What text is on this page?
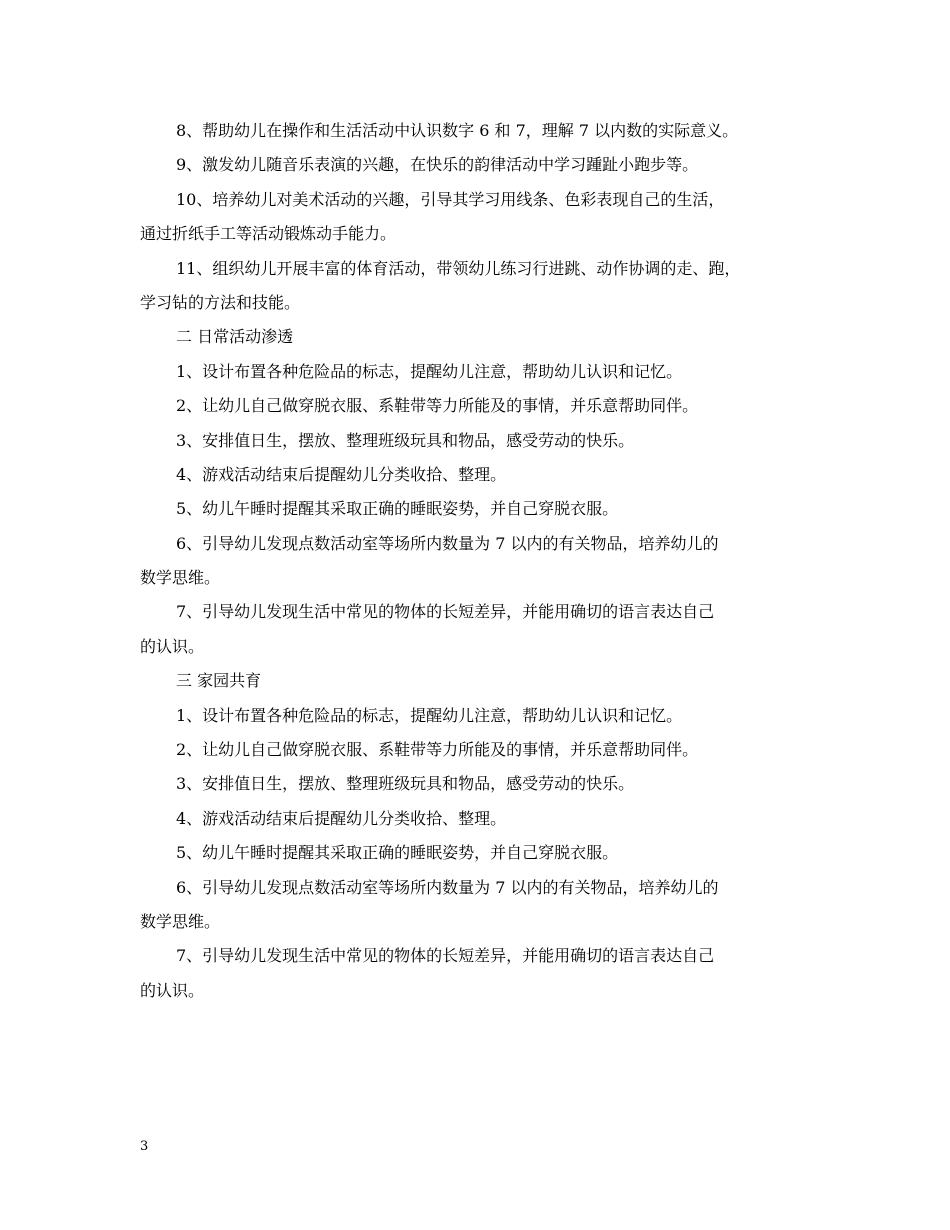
8、帮助幼儿在操作和生活活动中认识数字 6 和 7，理解 7 以内数的实际意义。

9、激发幼儿随音乐表演的兴趣，在快乐的韵律活动中学习踵趾小跑步等。

10、培养幼儿对美术活动的兴趣，引导其学习用线条、色彩表现自己的生活，
通过折纸手工等活动锻炼动手能力。

11、组织幼儿开展丰富的体育活动，带领幼儿练习行进跳、动作协调的走、跑，
学习钻的方法和技能。

二 日常活动渗透

1、设计布置各种危险品的标志，提醒幼儿注意，帮助幼儿认识和记忆。

2、让幼儿自己做穿脱衣服、系鞋带等力所能及的事情，并乐意帮助同伴。

3、安排值日生，摆放、整理班级玩具和物品，感受劳动的快乐。

4、游戏活动结束后提醒幼儿分类收拾、整理。

5、幼儿午睡时提醒其采取正确的睡眠姿势，并自己穿脱衣服。

6、引导幼儿发现点数活动室等场所内数量为 7 以内的有关物品，培养幼儿的
数学思维。

7、引导幼儿发现生活中常见的物体的长短差异，并能用确切的语言表达自己
的认识。

三 家园共育

1、设计布置各种危险品的标志，提醒幼儿注意，帮助幼儿认识和记忆。

2、让幼儿自己做穿脱衣服、系鞋带等力所能及的事情，并乐意帮助同伴。

3、安排值日生，摆放、整理班级玩具和物品，感受劳动的快乐。

4、游戏活动结束后提醒幼儿分类收拾、整理。

5、幼儿午睡时提醒其采取正确的睡眠姿势，并自己穿脱衣服。

6、引导幼儿发现点数活动室等场所内数量为 7 以内的有关物品，培养幼儿的
数学思维。

7、引导幼儿发现生活中常见的物体的长短差异，并能用确切的语言表达自己
的认识。

3
